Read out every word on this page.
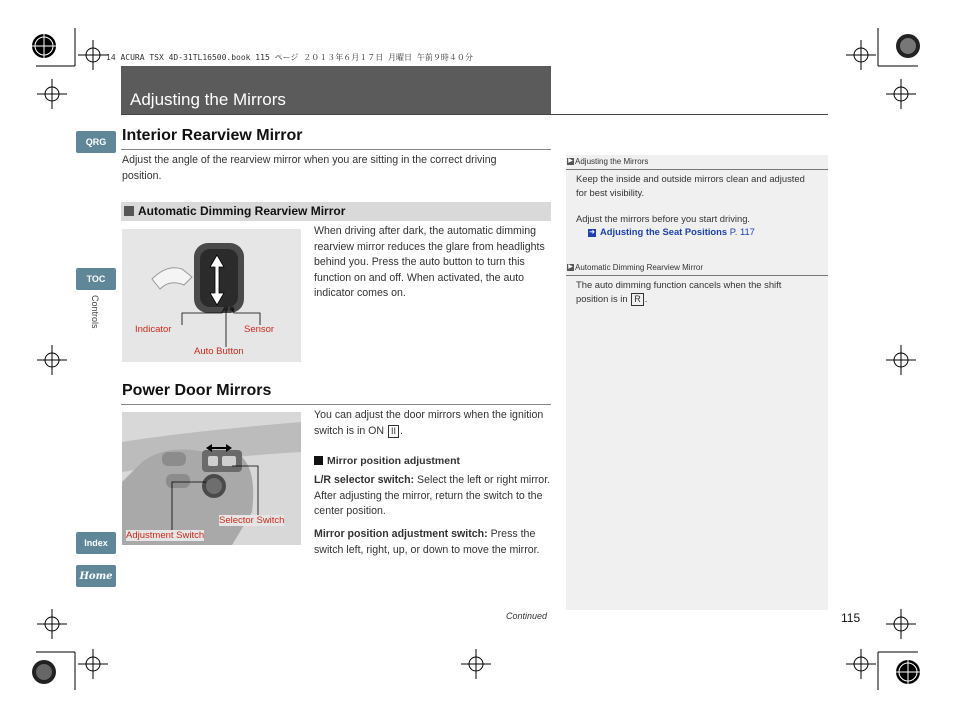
14 ACURA TSX 4D-31TL16500.book 115 ページ ２０１３年６月１７日 月曜日 午前９時４０分
Adjusting the Mirrors
QRG
TOC
Controls
Index
Home
Interior Rearview Mirror
Adjust the angle of the rearview mirror when you are sitting in the correct driving position.
Automatic Dimming Rearview Mirror
Indicator	Sensor
Auto Button
When driving after dark, the automatic dimming rearview mirror reduces the glare from headlights behind you. Press the auto button to turn this function on and off. When activated, the auto indicator comes on.
Power Door Mirrors
Selector Switch
Adjustment Switch
You can adjust the door mirrors when the ignition switch is in ON II .
Mirror position adjustment
L/R selector switch: Select the left or right mirror. After adjusting the mirror, return the switch to the center position.
Mirror position adjustment switch: Press the switch left, right, up, or down to move the mirror.
▶ Adjusting the Mirrors
Keep the inside and outside mirrors clean and adjusted for best visibility.
Adjust the mirrors before you start driving.
➜ Adjusting the Seat Positions P. 117
▶ Automatic Dimming Rearview Mirror
The auto dimming function cancels when the shift position is in R .
Continued	115
